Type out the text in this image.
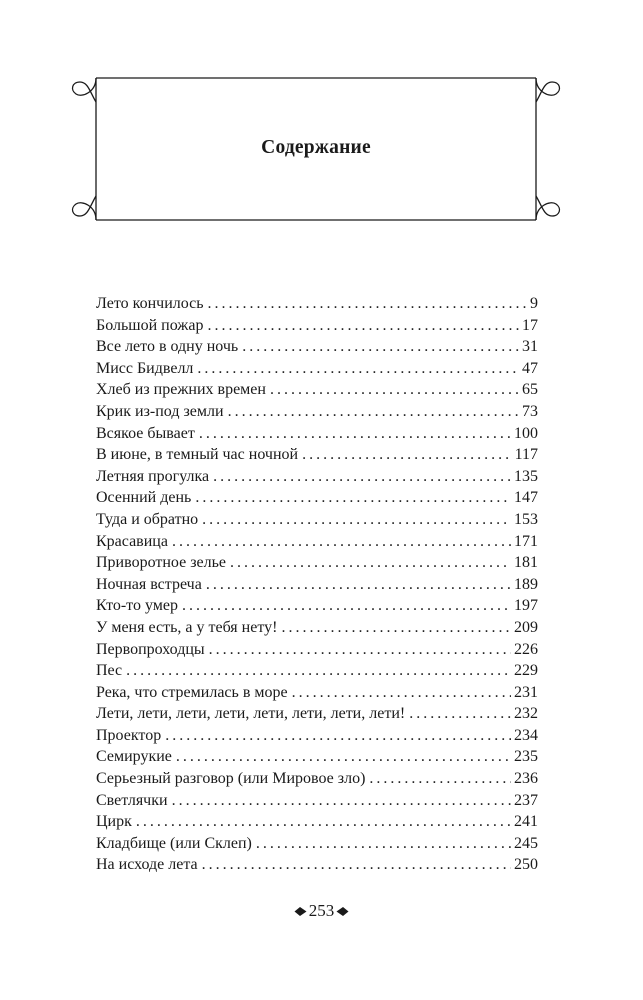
Содержание
Лето кончилось . . .	9
Большой пожар . . .	17
Все лето в одну ночь . . .	31
Мисс Бидвелл . . .	47
Хлеб из прежних времен . . .	65
Крик из-под земли . . .	73
Всякое бывает . . .	100
В июне, в темный час ночной . . .	117
Летняя прогулка . . .	135
Осенний день . . .	147
Туда и обратно . . .	153
Красавица . . .	171
Приворотное зелье . . .	181
Ночная встреча . . .	189
Кто-то умер . . .	197
У меня есть, а у тебя нету! . . .	209
Первопроходцы . . .	226
Пес . . .	229
Река, что стремилась в море . . .	231
Лети, лети, лети, лети, лети, лети, лети, лети! . . .	232
Проектор . . .	234
Семирукие . . .	235
Серьезный разговор (или Мировое зло) . . .	236
Светлячки . . .	237
Цирк . . .	241
Кладбище (или Склеп) . . .	245
На исходе лета . . .	250
253
